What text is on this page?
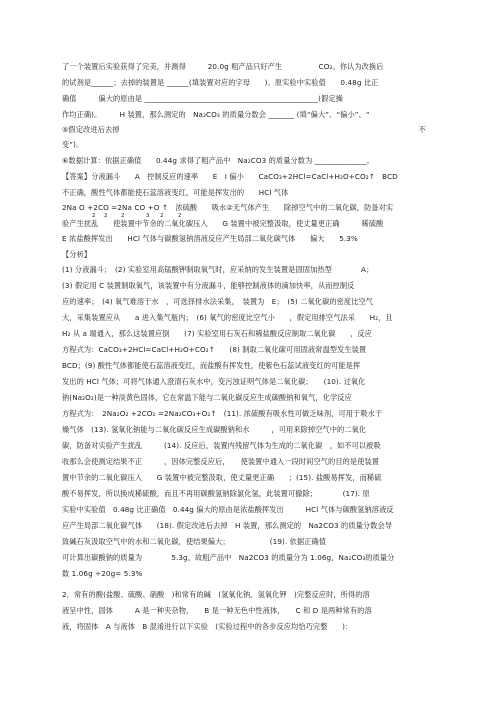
了一个装置后实验获得了完美，并测得　　　20.0g 粗产品只好产生　　　　　CO₂。你认为改换后
的试剂是______；去掉的装置是 ______(填装置对应的字母　　)。原实验中实验值　　0.48g 比正
确值　　　偏大的原由是 _______________________________________________(假定操
作均正确)。　　　H 装置，那么测定的　Na₂CO₃ 的质量分数会 _______ (填“偏大”、“偏小”、“
⑤假定改进后去掉　　　　　　　　　　　　　　　　　　　　　　　　　　　　　　　　　　　　　　　　　不
变”)。
⑥数据计算：依据正确值　　0.44g 求得了粗产品中　Na₂CO3 的质量分数为 ______________。
【答案】分液漏斗　　A　控制反应的速率　　E　Ⅰ 偏小　　CaCO₃+2HCl=CaCl+H₂O+CO₂↑　BCD
不正确，酸性气体都能使石蕊溶液变红，可能是挥发出的　　HCl 气体
2Na O +2CO =2Na CO +O ↑　浓硫酸　　吸水②无气体产生　　除掉空气中的二氧化碳，防备对实
2 2 2	3 2	2
验产生扰乱　　使装置中节余的二氧化碳压入　　G 装置中被完整汲取，使丈量更正确　　　稀硫酸
E 浓盐酸挥发出　　HCl 气体与碳酸氢钠溶液反应产生局部二氧化碳气体　　偏大　　5.3%
【分析】
(1) 分液漏斗；　(2) 实验室用高锰酸钾制取氧气时，应采纳的发生装置是固固加热型　　　　A；
(3) 假定用 C 装置制取氧气，该装置中有分液漏斗，能够控制液体的滴加快率，从而控制反
应的速率；　(4) 氧气难溶于水　，可选择排水法采集，　装置为　E；　(5) 二氧化碳的密度比空气
大，采集装置应从　　a 进入集气瓶内；　(6) 氧气的密度比空气小　　，假定用排空气法采　　H₂，且
H₂ 从 a 端通入，那么这装置应倒　　(7) 实验室用石灰石和稀盐酸反应制取二氧化碳　　，反应
方程式为：CaCO₃+2HCl=CaCl+H₂O+CO₂↑　　(8) 制取二氧化碳可用固液常温型发生装置
BCD；(9) 酸性气体都能使石蕊溶液变红，而盐酸有挥发性，使紫色石蕊试液变红的可能是挥
发出的 HCl 气体；可将气体通入澄清石灰水中，变污浊证明气体是二氧化碳；　　(10). 过氧化
钠(Na₂O₂)是一种淡黄色固体，它在常温下能与二氧化碳反应生成碳酸钠和氧气，化学反应
方程式为：　2Na₂O₂ +2CO₂ =2Na₂CO₃+O₂↑　(11). 浓硫酸有吸水性可做乏味剂，可用于吸水干
燥气体　(13). 氢氧化钠能与二氧化碳反应生成碳酸钠和水　　　，可用来除掉空气中的二氧化
碳，防备对实验产生扰乱　　　(14). 反应后，装置内残留气体为生成的二氧化碳　，如不可以被吸
收那么会使测定结果不正　　　，因体完整反应后，　　使装置中通入一段时间空气的目的是使装置
置中节余的二氧化碳压入　　G 装置中被完整汲取，使丈量更正确　　；(15). 盐酸易挥发，而稀硫
酸不易挥发，所以换成稀硫酸，而且不再用碳酸氢钠除氯化氢，此装置可撤除；　　　　(17). 原
实验中实验值　0.48g 比正确值　0.44g 偏大的原由是浓盐酸挥发出　　　HCl 气体与碳酸氢钠溶液反
应产生局部二氧化碳气体　　(18). 假定改进后去掉　H 装置，那么测定的　Na2CO3 的质量分数会导
致碱石灰汲取空气中的水和二氧化碳，使结果偏大；　　　　　　(19). 依据正确值
可计算出碳酸钠的质量为　　　　5.3g，故粗产品中　Na2CO3 的质量分为 1.06g，Na₂CO₃的质量分
数 1.06g ÷20g= 5.3%
2．常有的酸(盐酸、硫酸、硝酸　)和常有的碱　(氢氧化钠、氢氧化钾　)完整反应时，所得的溶
液呈中性，固体　　　A 是一种夹杂物，　　B 是一种无色中性液体，　　C 和 D 是两种常有的溶
液，将固体　A 与液体　B 混淆进行以下实验　(实验过程中的各步反应均恰巧完整　　)：
